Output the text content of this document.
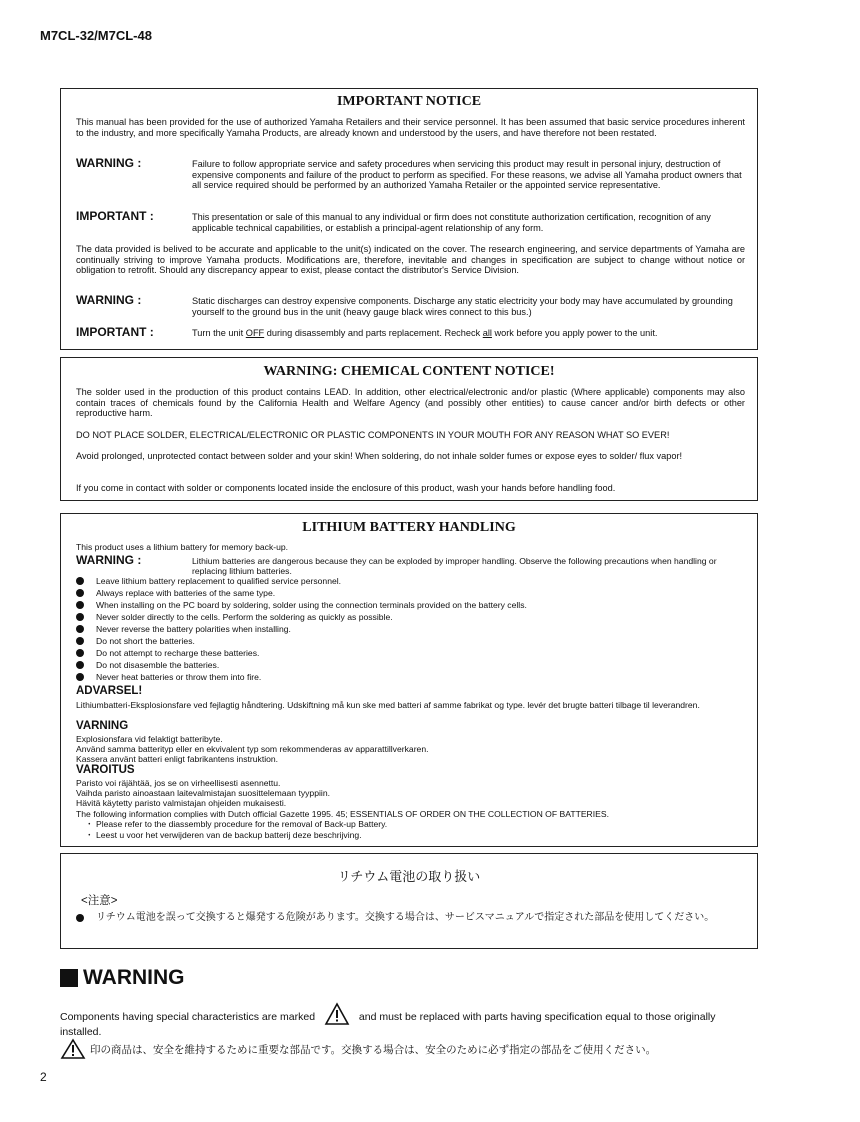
M7CL-32/M7CL-48
IMPORTANT NOTICE
This manual has been provided for the use of authorized Yamaha Retailers and their service personnel. It has been assumed that basic service procedures inherent to the industry, and more specifically Yamaha Products, are already known and understood by the users, and have therefore not been restated.
WARNING :	Failure to follow appropriate service and safety procedures when servicing this product may result in personal injury, destruction of expensive components and failure of the product to perform as specified. For these reasons, we advise all Yamaha product owners that all service required should be performed by an authorized Yamaha Retailer or the appointed service representative.
IMPORTANT :	This presentation or sale of this manual to any individual or firm does not constitute authorization certification, recognition of any applicable technical capabilities, or establish a principal-agent relationship of any form.
The data provided is belived to be accurate and applicable to the unit(s) indicated on the cover. The research engineering, and service departments of Yamaha are continually striving to improve Yamaha products. Modifications are, therefore, inevitable and changes in specification are subject to change without notice or obligation to retrofit. Should any discrepancy appear to exist, please contact the distributor's Service Division.
WARNING :	Static discharges can destroy expensive components. Discharge any static electricity your body may have accumulated by grounding yourself to the ground bus in the unit (heavy gauge black wires connect to this bus.)
IMPORTANT :	Turn the unit OFF during disassembly and parts replacement. Recheck all work before you apply power to the unit.
WARNING: CHEMICAL CONTENT NOTICE!
The solder used in the production of this product contains LEAD. In addition, other electrical/electronic and/or plastic (Where applicable) components may also contain traces of chemicals found by the California Health and Welfare Agency (and possibly other entities) to cause cancer and/or birth defects or other reproductive harm.
DO NOT PLACE SOLDER, ELECTRICAL/ELECTRONIC OR PLASTIC COMPONENTS IN YOUR MOUTH FOR ANY REASON WHAT SO EVER!
Avoid prolonged, unprotected contact between solder and your skin! When soldering, do not inhale solder fumes or expose eyes to solder/ flux vapor!
If you come in contact with solder or components located inside the enclosure of this product, wash your hands before handling food.
LITHIUM BATTERY HANDLING
This product uses a lithium battery for memory back-up.
WARNING :	Lithium batteries are dangerous because they can be exploded by improper handling. Observe the following precautions when handling or replacing lithium batteries.
Leave lithium battery replacement to qualified service personnel.
Always replace with batteries of the same type.
When installing on the PC board by soldering, solder using the connection terminals provided on the battery cells.
Never solder directly to the cells. Perform the soldering as quickly as possible.
Never reverse the battery polarities when installing.
Do not short the batteries.
Do not attempt to recharge these batteries.
Do not disasemble the batteries.
Never heat batteries or throw them into fire.
ADVARSEL!
Lithiumbatteri-Eksplosionsfare ved fejlagtig håndtering. Udskiftning må kun ske med batteri af samme fabrikat og type. levér det brugte batteri tilbage til leverandren.
VARNING
Explosionsfara vid felaktigt batteribyte.
Använd samma batterityp eller en ekvivalent typ som rekommenderas av apparattillverkaren.
Kassera använt batteri enligt fabrikantens instruktion.
VAROITUS
Paristo voi räjähtää, jos se on virheellisesti asennettu.
Vaihda paristo ainoastaan laitevalmistajan suosittelemaan tyyppiin.
Hävitä käytetty paristo valmistajan ohjeiden mukaisesti.
The following information complies with Dutch official Gazette 1995. 45; ESSENTIALS OF ORDER ON THE COLLECTION OF BATTERIES.
・ Please refer to the diassembly procedure for the removal of Back-up Battery.
・ Leest u voor het verwijderen van de backup batterij deze beschrijving.
リチウム電池の取り扱い
<注意>
リチウム電池を誤って交換すると爆発する危険があります。交換する場合は、サービスマニュアルで指定された部品を使用してください。
WARNING
Components having special characteristics are marked	and must be replaced with parts having specification equal to those originally installed.
印の商品は、安全を維持するために重要な部品です。交換する場合は、安全のために必ず指定の部品をご使用ください。
2
